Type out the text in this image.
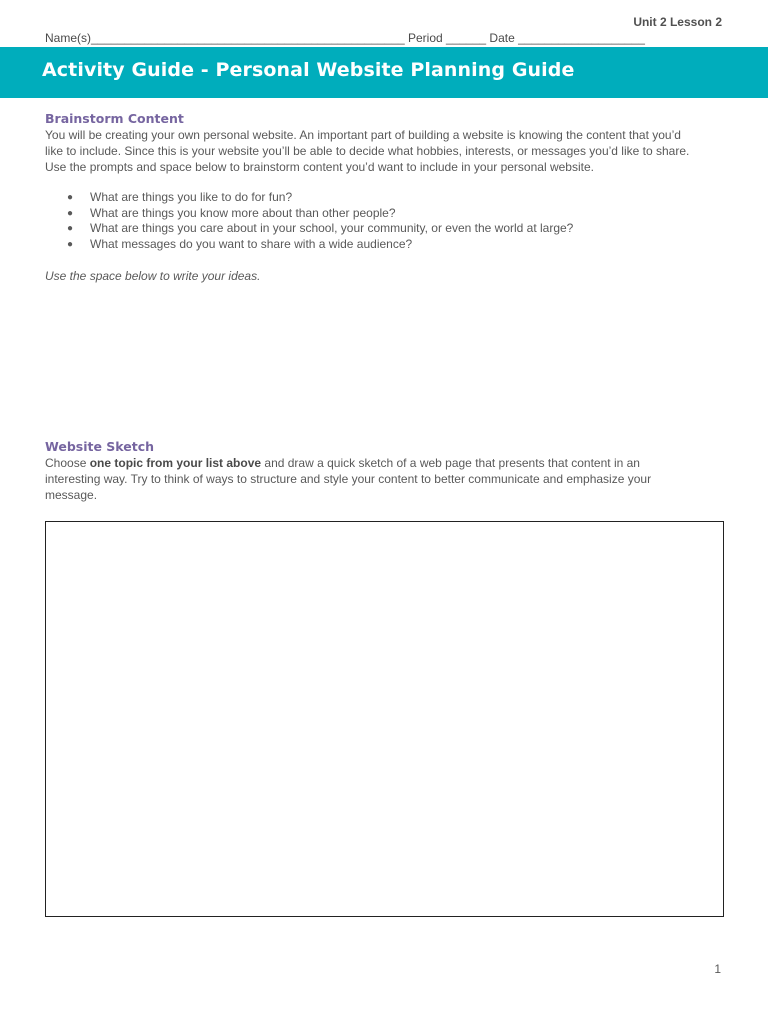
Unit 2 Lesson 2
Name(s)_______________________________________________ Period ______ Date ___________________
Activity Guide - Personal Website Planning Guide
Brainstorm Content
You will be creating your own personal website. An important part of building a website is knowing the content that you’d
like to include. Since this is your website you’ll be able to decide what hobbies, interests, or messages you’d like to share.
Use the prompts and space below to brainstorm content you’d want to include in your personal website.
● What are things you like to do for fun?
● What are things you know more about than other people?
● What are things you care about in your school, your community, or even the world at large?
● What messages do you want to share with a wide audience?
Use the space below to write your ideas.
Website Sketch
Choose one topic from your list above and draw a quick sketch of a web page that presents that content in an
interesting way. Try to think of ways to structure and style your content to better communicate and emphasize your
message.
1
